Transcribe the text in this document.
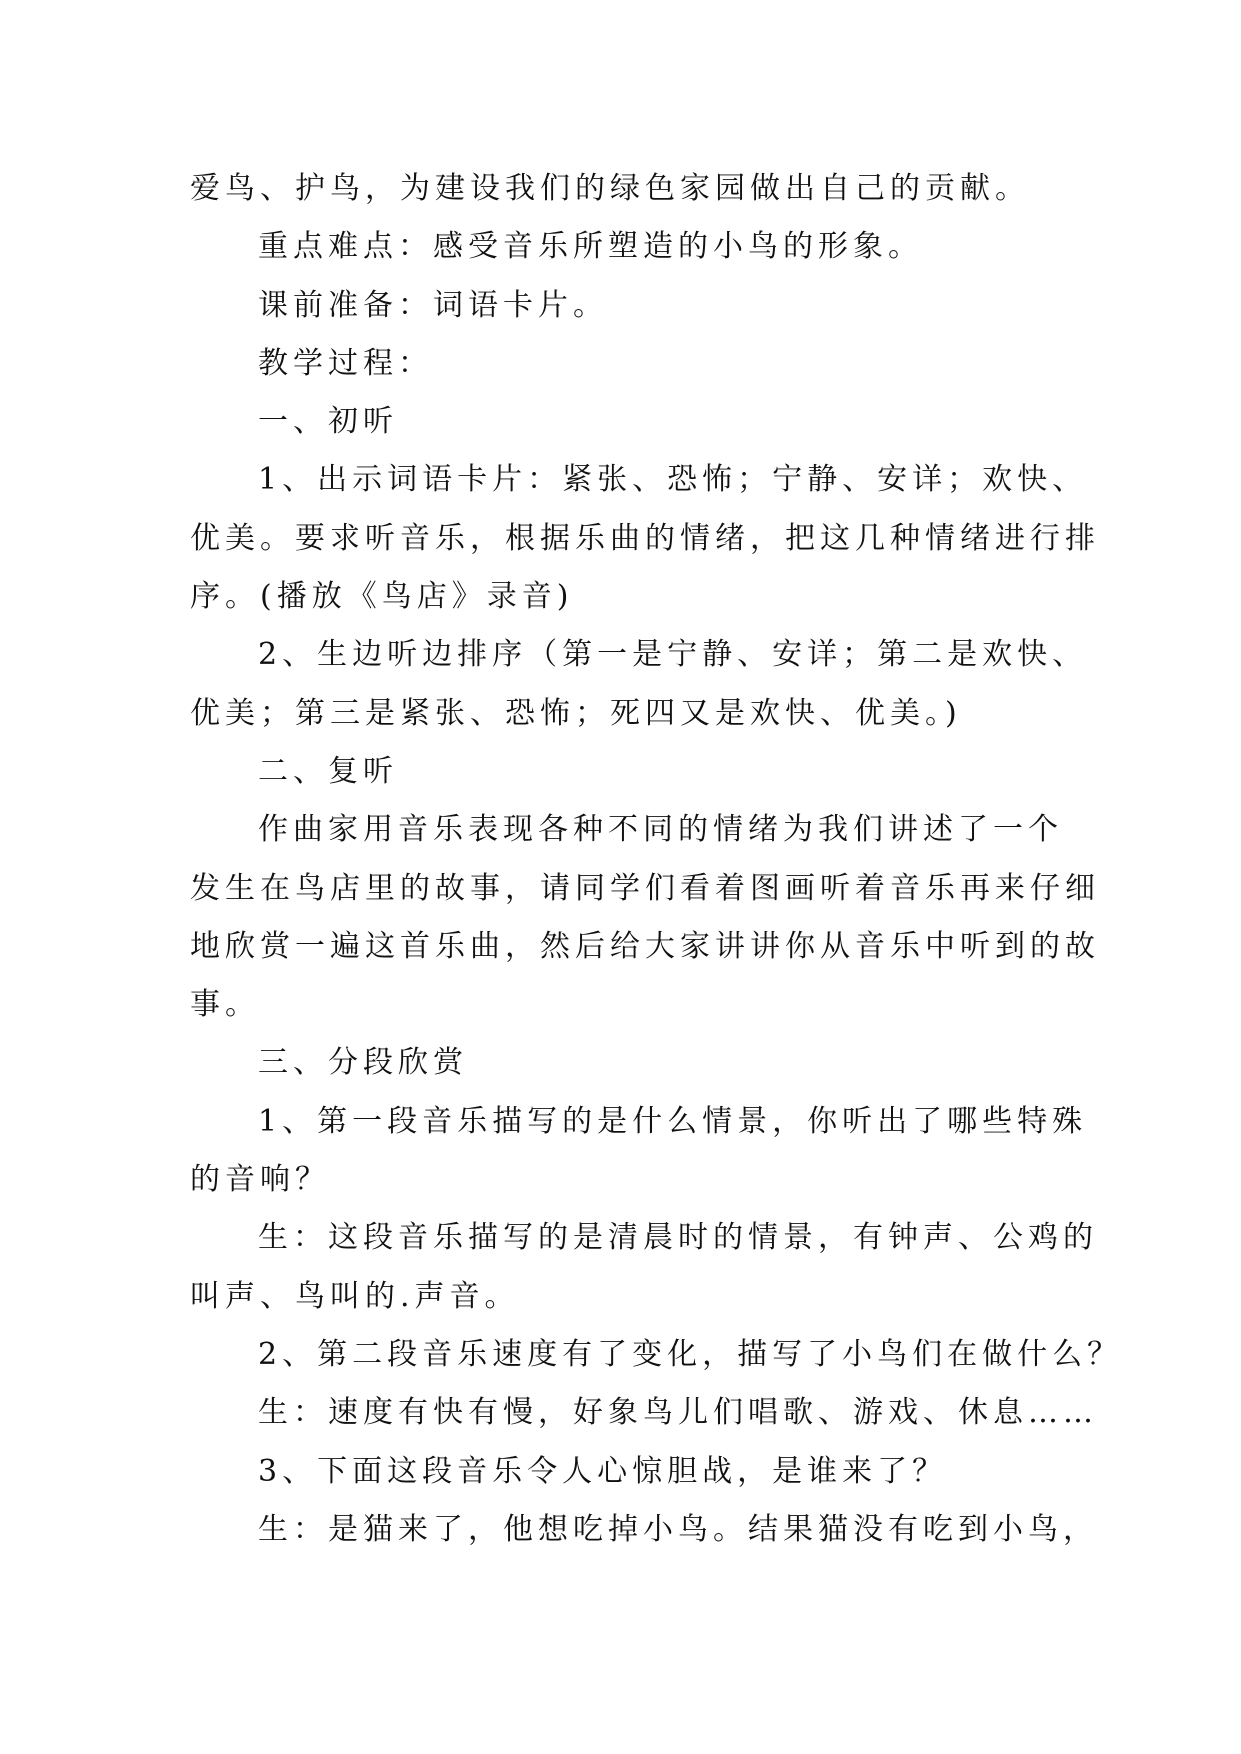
爱鸟、护鸟，为建设我们的绿色家园做出自己的贡献。

重点难点：感受音乐所塑造的小鸟的形象。

课前准备：词语卡片。

教学过程：

一、初听

1、出示词语卡片：紧张、恐怖；宁静、安详；欢快、

优美。要求听音乐，根据乐曲的情绪，把这几种情绪进行排

序。(播放《鸟店》录音)

2、生边听边排序（第一是宁静、安详；第二是欢快、

优美；第三是紧张、恐怖；死四又是欢快、优美。)

二、复听

作曲家用音乐表现各种不同的情绪为我们讲述了一个

发生在鸟店里的故事，请同学们看着图画听着音乐再来仔细

地欣赏一遍这首乐曲，然后给大家讲讲你从音乐中听到的故

事。

三、分段欣赏

1、第一段音乐描写的是什么情景，你听出了哪些特殊

的音响？

生：这段音乐描写的是清晨时的情景，有钟声、公鸡的

叫声、鸟叫的.声音。

2、第二段音乐速度有了变化，描写了小鸟们在做什么？

生：速度有快有慢，好象鸟儿们唱歌、游戏、休息……

3、下面这段音乐令人心惊胆战，是谁来了？

生：是猫来了，他想吃掉小鸟。结果猫没有吃到小鸟，
